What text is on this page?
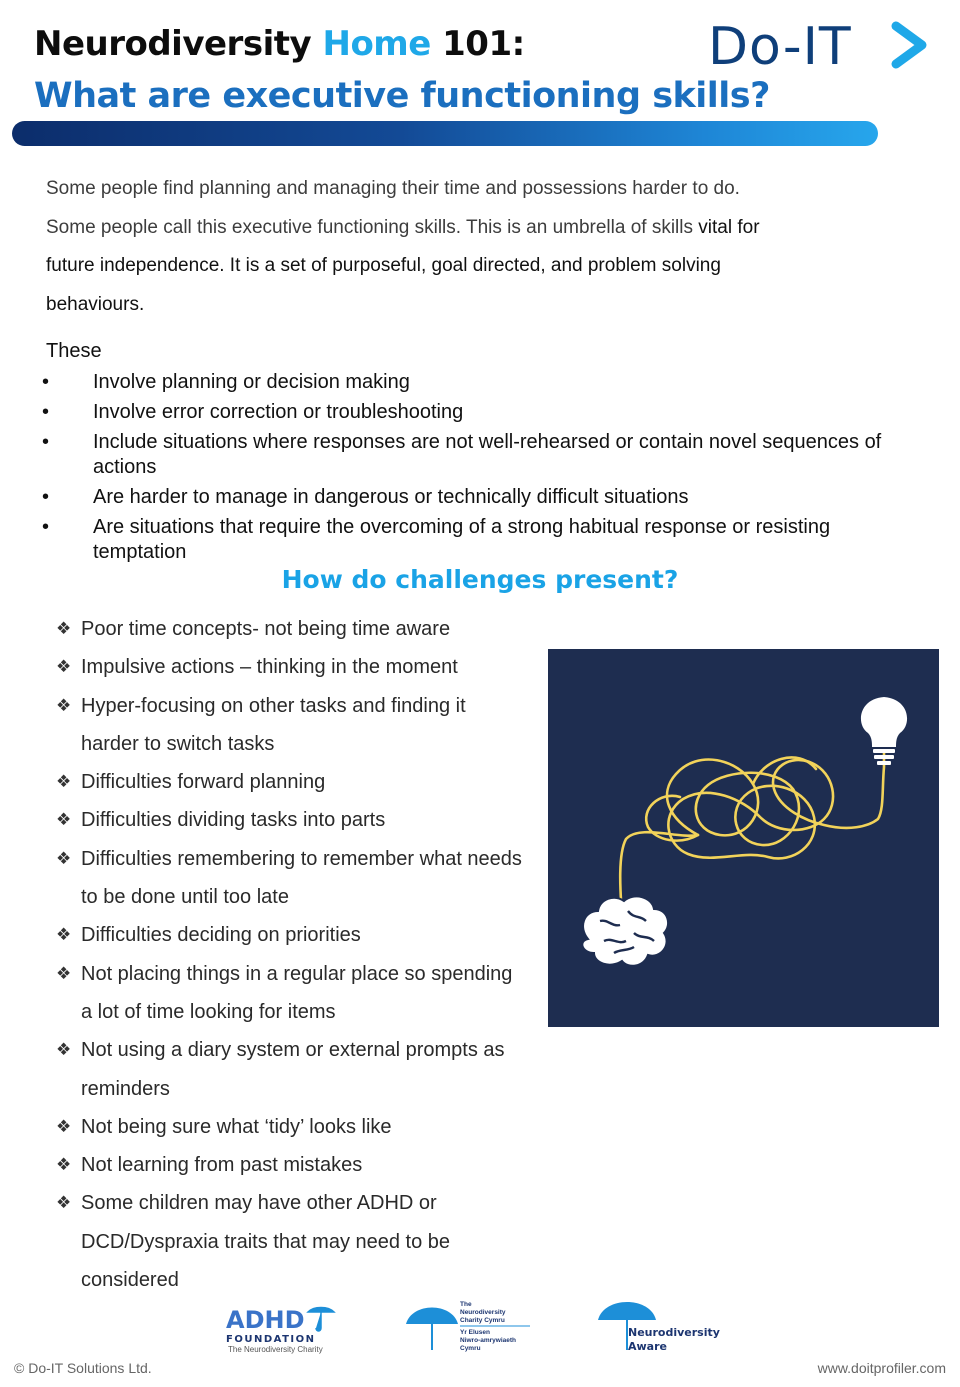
Neurodiversity Home 101:
What are executive functioning skills?
Do-IT

Some people find planning and managing their time and possessions harder to do.

Some people call this executive functioning skills. This is an umbrella of skills vital for

future independence. It is a set of purposeful, goal directed, and problem solving

behaviours.

These
• Involve planning or decision making
• Involve error correction or troubleshooting
• Include situations where responses are not well-rehearsed or contain novel sequences of actions
• Are harder to manage in dangerous or technically difficult situations
• Are situations that require the overcoming of a strong habitual response or resisting temptation
How do challenges present?
❖ Poor time concepts- not being time aware
❖ Impulsive actions – thinking in the moment
❖ Hyper-focusing on other tasks and finding it harder to switch tasks
❖ Difficulties forward planning
❖ Difficulties dividing tasks into parts
❖ Difficulties remembering to remember what needs to be done until too late
❖ Difficulties deciding on priorities
❖ Not placing things in a regular place so spending a lot of time looking for items
❖ Not using a diary system or external prompts as reminders
❖ Not being sure what ‘tidy’ looks like
❖ Not learning from past mistakes
❖ Some children may have other ADHD or DCD/Dyspraxia traits that may need to be considered
ADHD
FOUNDATION
The Neurodiversity Charity
The
Neurodiversity
Charity Cymru
Yr Elusen
Niwro-amrywiaeth
Cymru
Neurodiversity
Aware
© Do-IT Solutions Ltd.	www.doitprofiler.com
